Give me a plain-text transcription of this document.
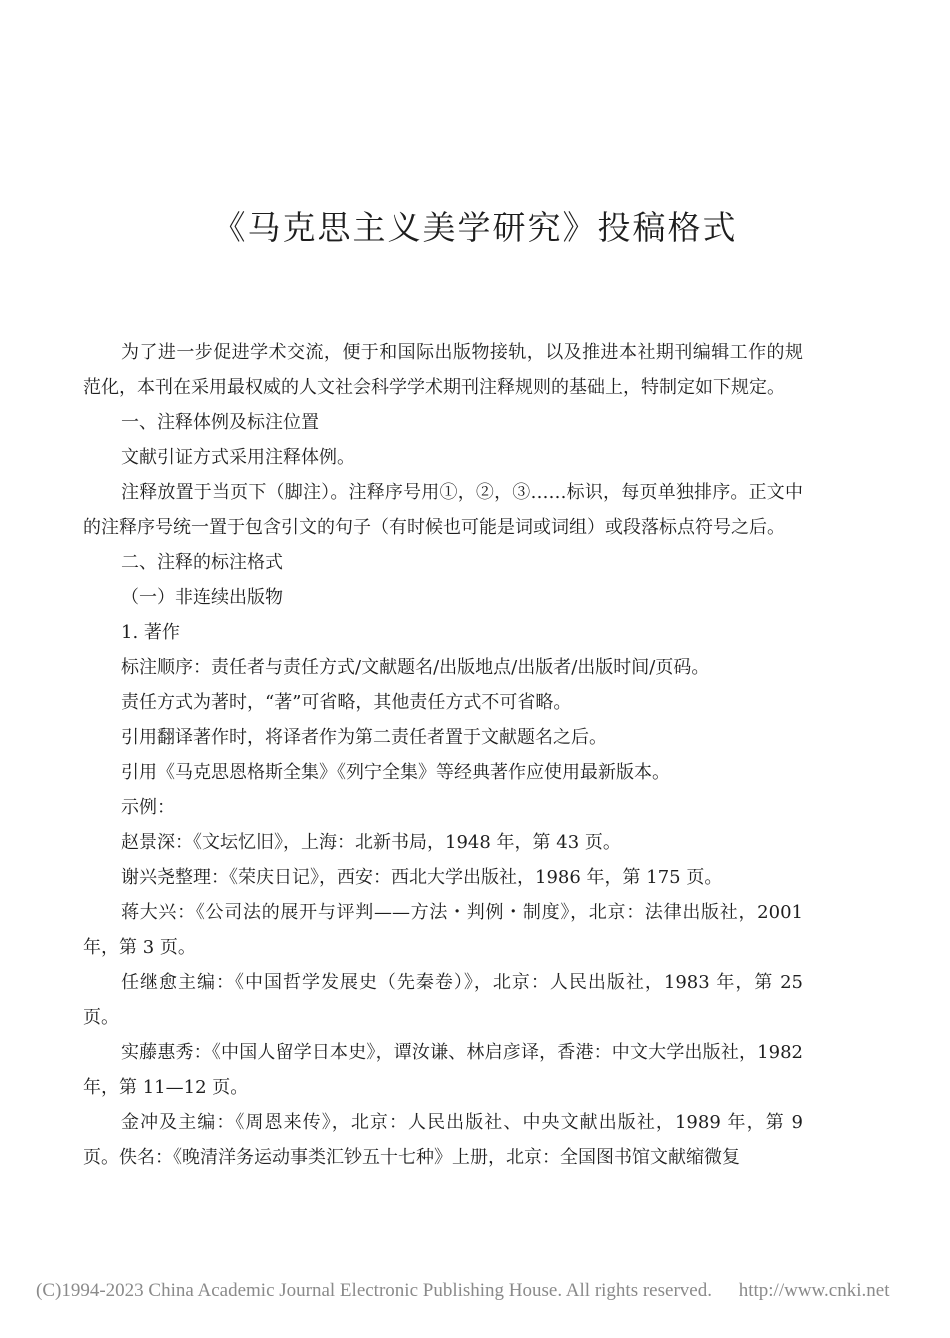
《马克思主义美学研究》投稿格式

为了进一步促进学术交流，便于和国际出版物接轨，以及推进本社期刊编辑工作的规范化，本刊在采用最权威的人文社会科学学术期刊注释规则的基础上，特制定如下规定。

一、注释体例及标注位置

文献引证方式采用注释体例。

注释放置于当页下（脚注）。注释序号用①，②，③……标识，每页单独排序。正文中的注释序号统一置于包含引文的句子（有时候也可能是词或词组）或段落标点符号之后。

二、注释的标注格式

（一）非连续出版物

1. 著作

标注顺序：责任者与责任方式/文献题名/出版地点/出版者/出版时间/页码。

责任方式为著时，“著”可省略，其他责任方式不可省略。

引用翻译著作时，将译者作为第二责任者置于文献题名之后。

引用《马克思恩格斯全集》《列宁全集》等经典著作应使用最新版本。

示例：

赵景深：《文坛忆旧》，上海：北新书局，1948 年，第 43 页。

谢兴尧整理：《荣庆日记》，西安：西北大学出版社，1986 年，第 175 页。

蒋大兴：《公司法的展开与评判——方法・判例・制度》，北京：法律出版社，2001 年，第 3 页。

任继愈主编：《中国哲学发展史（先秦卷）》，北京：人民出版社，1983 年，第 25 页。

实藤惠秀：《中国人留学日本史》，谭汝谦、林启彦译，香港：中文大学出版社，1982 年，第 11—12 页。

金冲及主编：《周恩来传》，北京：人民出版社、中央文献出版社，1989 年，第 9 页。佚名：《晚清洋务运动事类汇钞五十七种》上册，北京：全国图书馆文献缩微复

(C)1994-2023 China Academic Journal Electronic Publishing House. All rights reserved. http://www.cnki.net
